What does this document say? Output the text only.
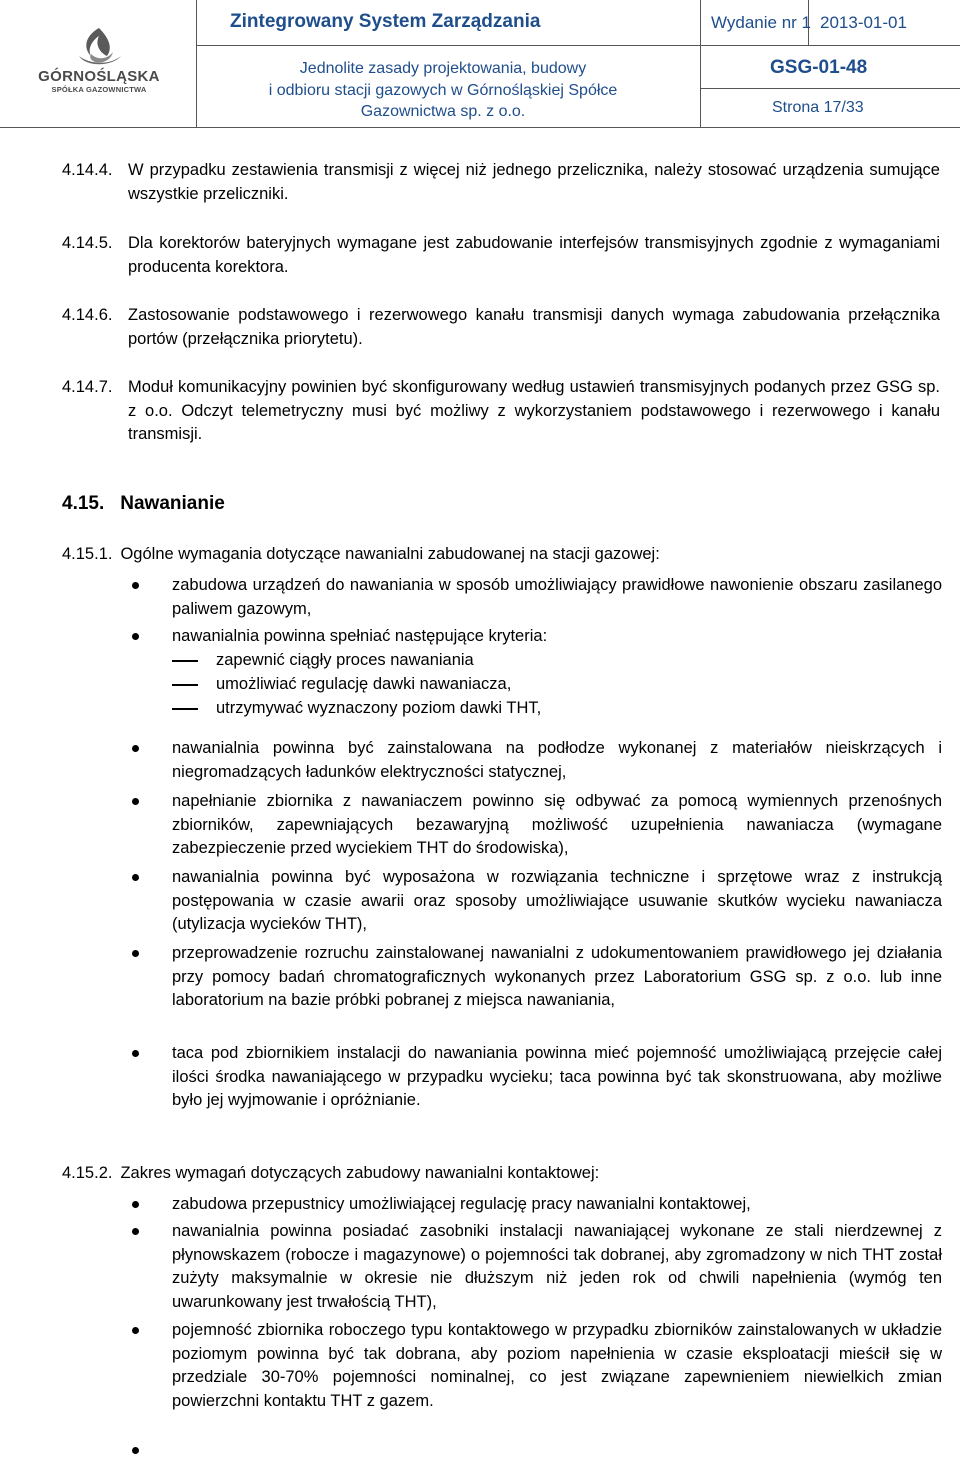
GÓRNOŚLĄSKA
SPÓŁKA GAZOWNICTWA
Zintegrowany System Zarządzania	Wydanie nr 1 2013-01-01
Jednolite zasady projektowania, budowy
i odbioru stacji gazowych w Górnośląskiej Spółce
Gazownictwa sp. z o.o.
GSG-01-48
Strona 17/33
4.14.4. W przypadku zestawienia transmisji z więcej niż jednego przelicznika, należy stosować urządzenia sumujące wszystkie przeliczniki.
4.14.5. Dla korektorów bateryjnych wymagane jest zabudowanie interfejsów transmisyjnych zgodnie z wymaganiami producenta korektora.
4.14.6. Zastosowanie podstawowego i rezerwowego kanału transmisji danych wymaga zabudowania przełącznika portów (przełącznika priorytetu).
4.14.7. Moduł komunikacyjny powinien być skonfigurowany według ustawień transmisyjnych podanych przez GSG sp. z o.o. Odczyt telemetryczny musi być możliwy z wykorzystaniem podstawowego i rezerwowego i kanału transmisji.
4.15. Nawanianie
4.15.1. Ogólne wymagania dotyczące nawanialni zabudowanej na stacji gazowej:
zabudowa urządzeń do nawaniania w sposób umożliwiający prawidłowe nawonienie obszaru zasilanego paliwem gazowym,
nawanialnia powinna spełniać następujące kryteria:
zapewnić ciągły proces nawaniania
umożliwiać regulację dawki nawaniacza,
utrzymywać wyznaczony poziom dawki THT,
nawanialnia powinna być zainstalowana na podłodze wykonanej z materiałów nieiskrzących i niegromadzących ładunków elektryczności statycznej,
napełnianie zbiornika z nawaniaczem powinno się odbywać za pomocą wymiennych przenośnych zbiorników, zapewniających bezawaryjną możliwość uzupełnienia nawaniacza (wymagane zabezpieczenie przed wyciekiem THT do środowiska),
nawanialnia powinna być wyposażona w rozwiązania techniczne i sprzętowe wraz z instrukcją postępowania w czasie awarii oraz sposoby umożliwiające usuwanie skutków wycieku nawaniacza (utylizacja wycieków THT),
przeprowadzenie rozruchu zainstalowanej nawanialni z udokumentowaniem prawidłowego jej działania przy pomocy badań chromatograficznych wykonanych przez Laboratorium GSG sp. z o.o. lub inne laboratorium na bazie próbki pobranej z miejsca nawaniania,
taca pod zbiornikiem instalacji do nawaniania powinna mieć pojemność umożliwiającą przejęcie całej ilości środka nawaniającego w przypadku wycieku; taca powinna być tak skonstruowana, aby możliwe było jej wyjmowanie i opróżnianie.
4.15.2. Zakres wymagań dotyczących zabudowy nawanialni kontaktowej:
zabudowa przepustnicy umożliwiającej regulację pracy nawanialni kontaktowej,
nawanialnia powinna posiadać zasobniki instalacji nawaniającej wykonane ze stali nierdzewnej z płynowskazem (robocze i magazynowe) o pojemności tak dobranej, aby zgromadzony w nich THT został zużyty maksymalnie w okresie nie dłuższym niż jeden rok od chwili napełnienia (wymóg ten uwarunkowany jest trwałością THT),
pojemność zbiornika roboczego typu kontaktowego w przypadku zbiorników zainstalowanych w układzie poziomym powinna być tak dobrana, aby poziom napełnienia w czasie eksploatacji mieścił się w przedziale 30-70% pojemności nominalnej, co jest związane zapewnieniem niewielkich zmian powierzchni kontaktu THT z gazem.
